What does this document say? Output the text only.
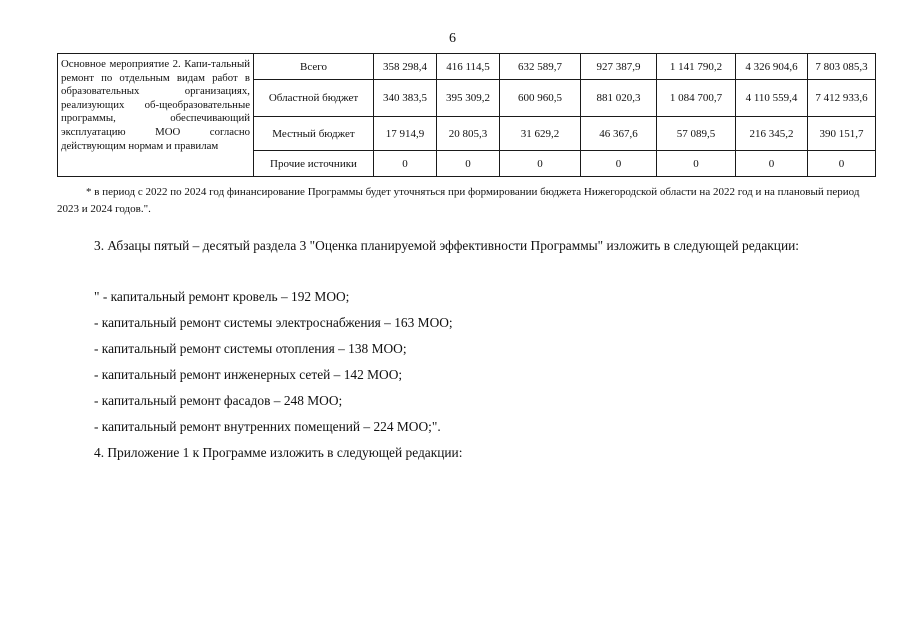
6
Основное мероприятие 2. Капи-тальный ремонт по отдельным видам работ в образовательных организациях, реализующих об-щеобразовательные программы, обеспечивающий эксплуатацию МОО согласно действующим нормам и правилам	Всего	358 298,4	416 114,5	632 589,7	927 387,9	1 141 790,2	4 326 904,6	7 803 085,3
	Областной бюджет	340 383,5	395 309,2	600 960,5	881 020,3	1 084 700,7	4 110 559,4	7 412 933,6
	Местный бюджет	17 914,9	20 805,3	31 629,2	46 367,6	57 089,5	216 345,2	390 151,7
	Прочие источники	0	0	0	0	0	0	0
* в период с 2022 по 2024 год финансирование Программы будет уточняться при формировании бюджета Нижегородской области на 2022 год и на плановый период 2023 и 2024 годов.".
3. Абзацы пятый – десятый раздела 3 "Оценка планируемой эффективности Программы" изложить в следующей редакции:
" - капитальный ремонт кровель – 192 МОО;
- капитальный ремонт системы электроснабжения – 163 МОО;
- капитальный ремонт системы отопления – 138 МОО;
- капитальный ремонт инженерных сетей – 142 МОО;
- капитальный ремонт фасадов – 248 МОО;
- капитальный ремонт внутренних помещений – 224 МОО;".
4. Приложение 1 к Программе изложить в следующей редакции:
